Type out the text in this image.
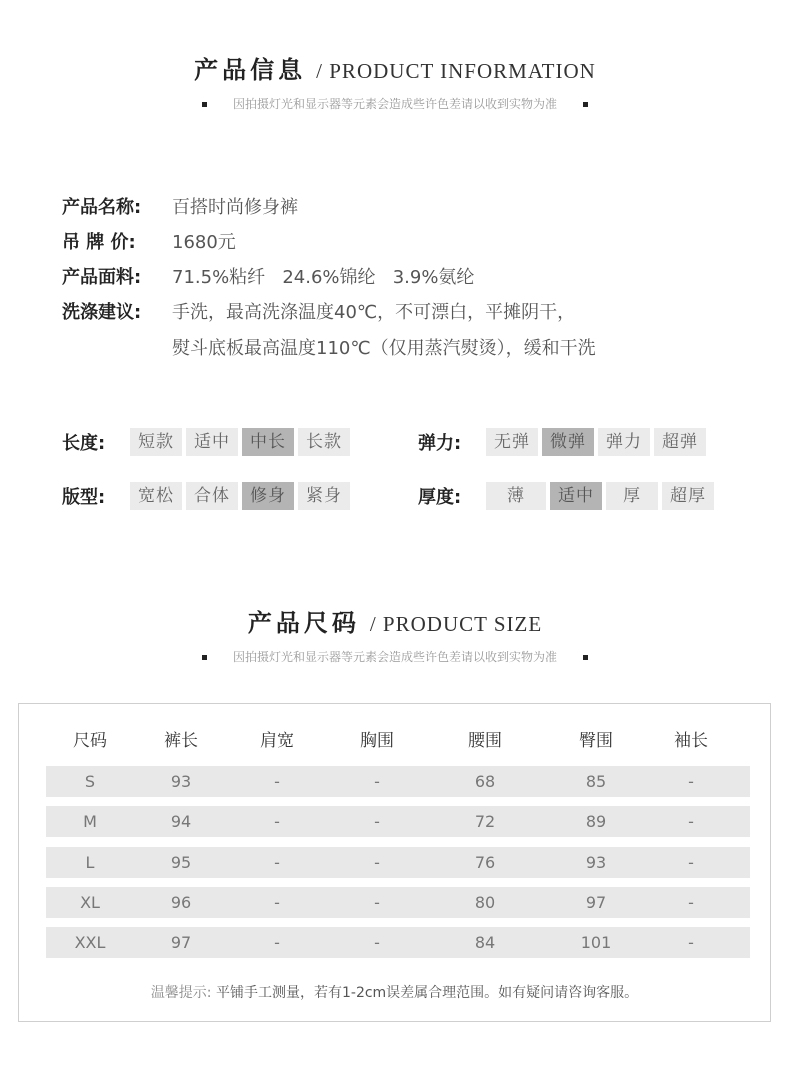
产品信息 / PRODUCT INFORMATION
因拍摄灯光和显示器等元素会造成些许色差请以收到实物为准
产品名称:	百搭时尚修身裤
吊 牌 价:	1680元
产品面料:	71.5%粘纤   24.6%锦纶   3.9%氨纶
洗涤建议:	手洗，最高洗涤温度40℃，不可漂白，平摊阴干，
熨斗底板最高温度110℃（仅用蒸汽熨烫），缓和干洗
长度:	短款	适中	中长	长款	弹力:	无弹	微弹	弹力	超弹
版型:	宽松	合体	修身	紧身	厚度:	薄	适中	厚	超厚
产品尺码 / PRODUCT SIZE
因拍摄灯光和显示器等元素会造成些许色差请以收到实物为准
尺码	裤长	肩宽	胸围	腰围	臀围	袖长
S	93	-	-	68	85	-
M	94	-	-	72	89	-
L	95	-	-	76	93	-
XL	96	-	-	80	97	-
XXL	97	-	-	84	101	-
温馨提示: 平铺手工测量，若有1-2cm误差属合理范围。如有疑问请咨询客服。
